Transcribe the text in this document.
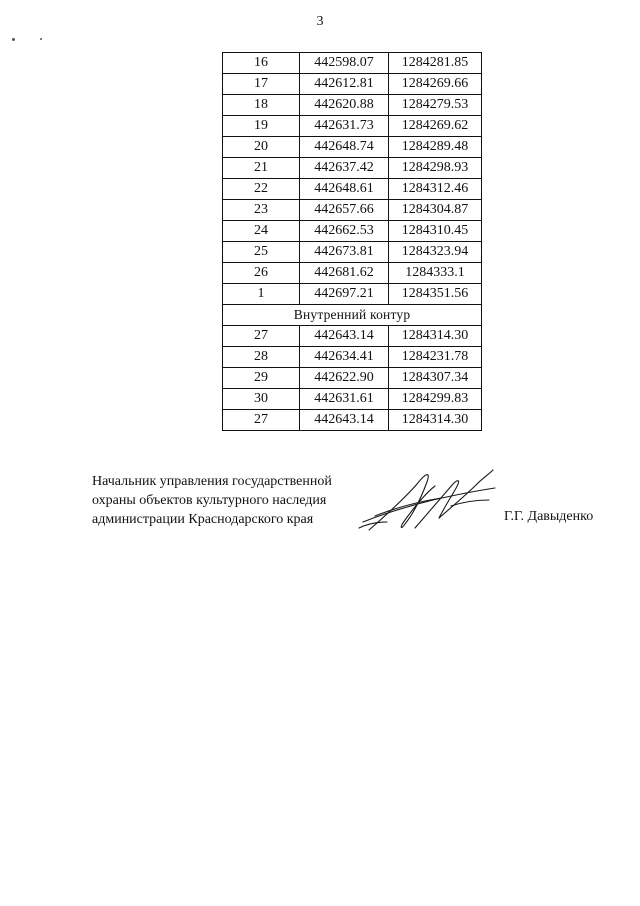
3
16	442598.07	1284281.85
17	442612.81	1284269.66
18	442620.88	1284279.53
19	442631.73	1284269.62
20	442648.74	1284289.48
21	442637.42	1284298.93
22	442648.61	1284312.46
23	442657.66	1284304.87
24	442662.53	1284310.45
25	442673.81	1284323.94
26	442681.62	1284333.1
1	442697.21	1284351.56
Внутренний контур		
27	442643.14	1284314.30
28	442634.41	1284231.78
29	442622.90	1284307.34
30	442631.61	1284299.83
27	442643.14	1284314.30
Начальник управления государственной
охраны объектов культурного наследия
администрации Краснодарского края	Г.Г. Давыденко
